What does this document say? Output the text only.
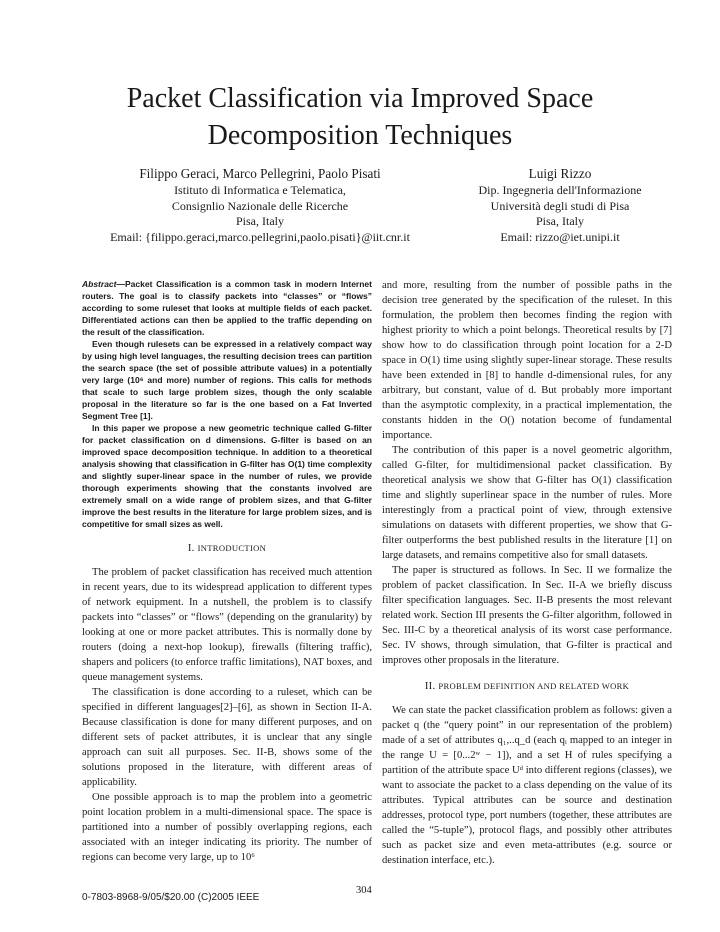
Packet Classification via Improved Space
Decomposition Techniques
Filippo Geraci, Marco Pellegrini, Paolo Pisati
Istituto di Informatica e Telematica,
Consignlio Nazionale delle Ricerche
Pisa, Italy
Email: {filippo.geraci,marco.pellegrini,paolo.pisati}@iit.cnr.it
Luigi Rizzo
Dip. Ingegneria dell'Informazione
Università degli studi di Pisa
Pisa, Italy
Email: rizzo@iet.unipi.it

Abstract—Packet Classification is a common task in modern Internet routers. The goal is to classify packets into “classes” or “flows” according to some ruleset that looks at multiple fields of each packet. Differentiated actions can then be applied to the traffic depending on the result of the classification.

Even though rulesets can be expressed in a relatively compact way by using high level languages, the resulting decision trees can partition the search space (the set of possible attribute values) in a potentially very large (10⁶ and more) number of regions. This calls for methods that scale to such large problem sizes, though the only scalable proposal in the literature so far is the one based on a Fat Inverted Segment Tree [1].

In this paper we propose a new geometric technique called G-filter for packet classification on d dimensions. G-filter is based on an improved space decomposition technique. In addition to a theoretical analysis showing that classification in G-filter has O(1) time complexity and slightly super-linear space in the number of rules, we provide thorough experiments showing that the constants involved are extremely small on a wide range of problem sizes, and that G-filter improve the best results in the literature for large problem sizes, and is competitive for small sizes as well.

I. INTRODUCTION

The problem of packet classification has received much attention in recent years, due to its widespread application to different types of network equipment. In a nutshell, the problem is to classify packets into “classes” or “flows” (depending on the granularity) by looking at one or more packet attributes. This is normally done by routers (doing a next-hop lookup), firewalls (filtering traffic), shapers and policers (to enforce traffic limitations), NAT boxes, and queue management systems.

The classification is done according to a ruleset, which can be specified in different languages[2]–[6], as shown in Section II-A. Because classification is done for many different purposes, and on different sets of packet attributes, it is unclear that any single approach can suit all purposes. Sec. II-B, shows some of the solutions proposed in the literature, with different areas of applicability.

One possible approach is to map the problem into a geometric point location problem in a multi-dimensional space. The space is partitioned into a number of possibly overlapping regions, each associated with an integer indicating its priority. The number of regions can become very large, up to 10⁶

and more, resulting from the number of possible paths in the decision tree generated by the specification of the ruleset. In this formulation, the problem then becomes finding the region with highest priority to which a point belongs. Theoretical results by [7] show how to do classification through point location for a 2-D space in O(1) time using slightly super-linear storage. These results have been extended in [8] to handle d-dimensional rules, for any arbitrary, but constant, value of d. But probably more important than the asymptotic complexity, in a practical implementation, the constants hidden in the O() notation become of fundamental importance.

The contribution of this paper is a novel geometric algorithm, called G-filter, for multidimensional packet classification. By theoretical analysis we show that G-filter has O(1) classification time and slightly superlinear space in the number of rules. More interestingly from a practical point of view, through extensive simulations on datasets with different properties, we show that G-filter outperforms the best published results in the literature [1] on large datasets, and remains competitive also for small datasets.

The paper is structured as follows. In Sec. II we formalize the problem of packet classification. In Sec. II-A we briefly discuss filter specification languages. Sec. II-B presents the most relevant related work. Section III presents the G-filter algorithm, followed in Sec. III-C by a theoretical analysis of its worst case performance. Sec. IV shows, through simulation, that G-filter is practical and improves other proposals in the literature.

II. PROBLEM DEFINITION AND RELATED WORK

We can state the packet classification problem as follows: given a packet q (the “query point” in our representation of the problem) made of a set of attributes q₁,..q_d (each qᵢ mapped to an integer in the range U = [0...2ʷ − 1]), and a set H of rules specifying a partition of the attribute space Uᵈ into different regions (classes), we want to associate the packet to a class depending on the value of its attributes. Typical attributes can be source and destination addresses, protocol type, port numbers (together, these attributes are called the “5-tuple”), protocol flags, and possibly other attributes such as packet size and even meta-attributes (e.g. source or destination interface, etc.).

0-7803-8968-9/05/$20.00 (C)2005 IEEE
304
